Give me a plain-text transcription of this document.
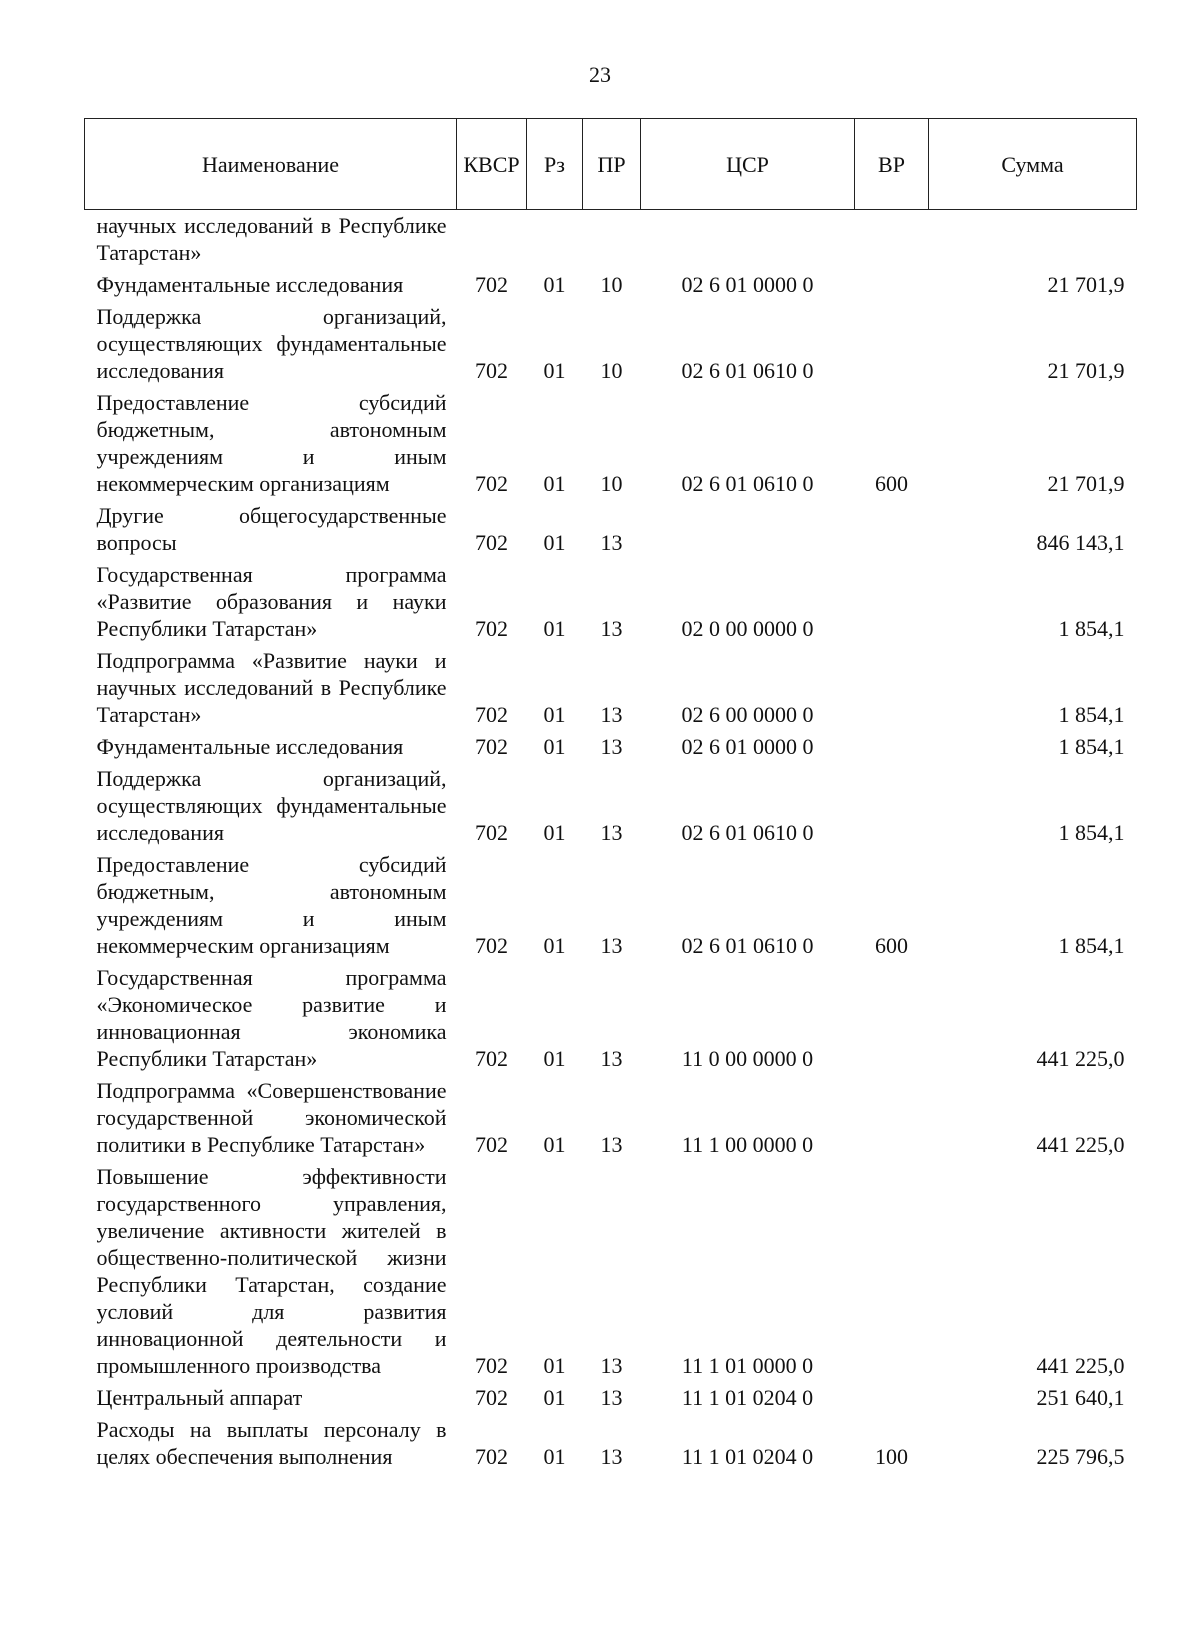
23
Наименование	КВСР	Рз	ПР	ЦСР	ВР	Сумма
научных исследований в Республике Татарстан»						
Фундаментальные исследования	702	01	10	02 6 01 0000 0		21 701,9
Поддержка организаций, осуществляющих фундаментальные исследования	702	01	10	02 6 01 0610 0		21 701,9
Предоставление субсидий бюджетным, автономным учреждениям и иным некоммерческим организациям	702	01	10	02 6 01 0610 0	600	21 701,9
Другие общегосударственные вопросы	702	01	13			846 143,1
Государственная программа «Развитие образования и науки Республики Татарстан»	702	01	13	02 0 00 0000 0		1 854,1
Подпрограмма «Развитие науки и научных исследований в Республике Татарстан»	702	01	13	02 6 00 0000 0		1 854,1
Фундаментальные исследования	702	01	13	02 6 01 0000 0		1 854,1
Поддержка организаций, осуществляющих фундаментальные исследования	702	01	13	02 6 01 0610 0		1 854,1
Предоставление субсидий бюджетным, автономным учреждениям и иным некоммерческим организациям	702	01	13	02 6 01 0610 0	600	1 854,1
Государственная программа «Экономическое развитие и инновационная экономика Республики Татарстан»	702	01	13	11 0 00 0000 0		441 225,0
Подпрограмма «Совершенствование государственной экономической политики в Республике Татарстан»	702	01	13	11 1 00 0000 0		441 225,0
Повышение эффективности государственного управления, увеличение активности жителей в общественно-политической жизни Республики Татарстан, создание условий для развития инновационной деятельности и промышленного производства	702	01	13	11 1 01 0000 0		441 225,0
Центральный аппарат	702	01	13	11 1 01 0204 0		251 640,1
Расходы на выплаты персоналу в целях обеспечения выполнения	702	01	13	11 1 01 0204 0	100	225 796,5
